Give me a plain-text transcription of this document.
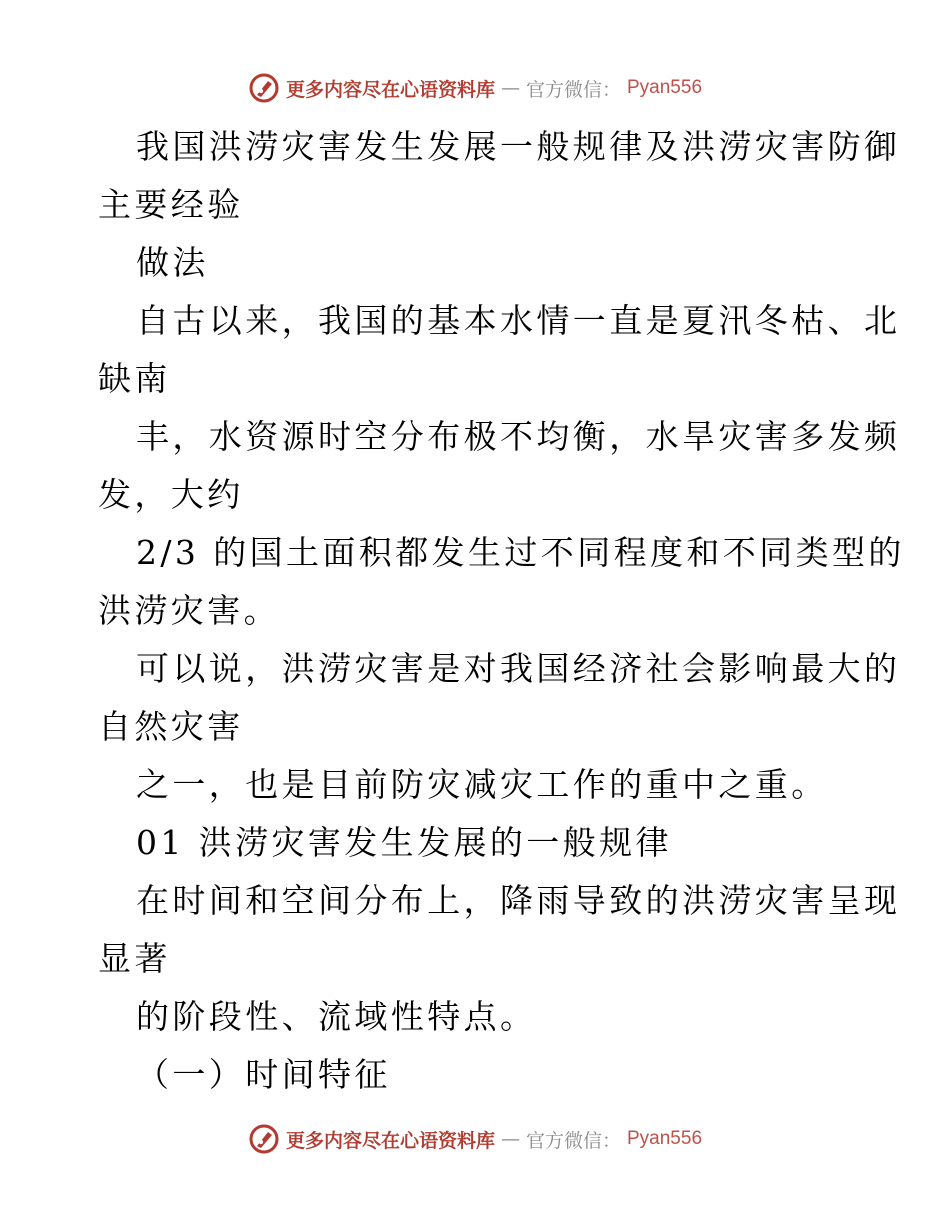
更多内容尽在心语资料库 — 官方微信： Pyan556
我国洪涝灾害发生发展一般规律及洪涝灾害防御
主要经验
做法
自古以来，我国的基本水情一直是夏汛冬枯、北
缺南
丰，水资源时空分布极不均衡，水旱灾害多发频
发，大约
2/3 的国土面积都发生过不同程度和不同类型的
洪涝灾害。
可以说，洪涝灾害是对我国经济社会影响最大的
自然灾害
之一，也是目前防灾减灾工作的重中之重。
01 洪涝灾害发生发展的一般规律
在时间和空间分布上，降雨导致的洪涝灾害呈现
显著
的阶段性、流域性特点。
（一）时间特征
更多内容尽在心语资料库 — 官方微信： Pyan556
